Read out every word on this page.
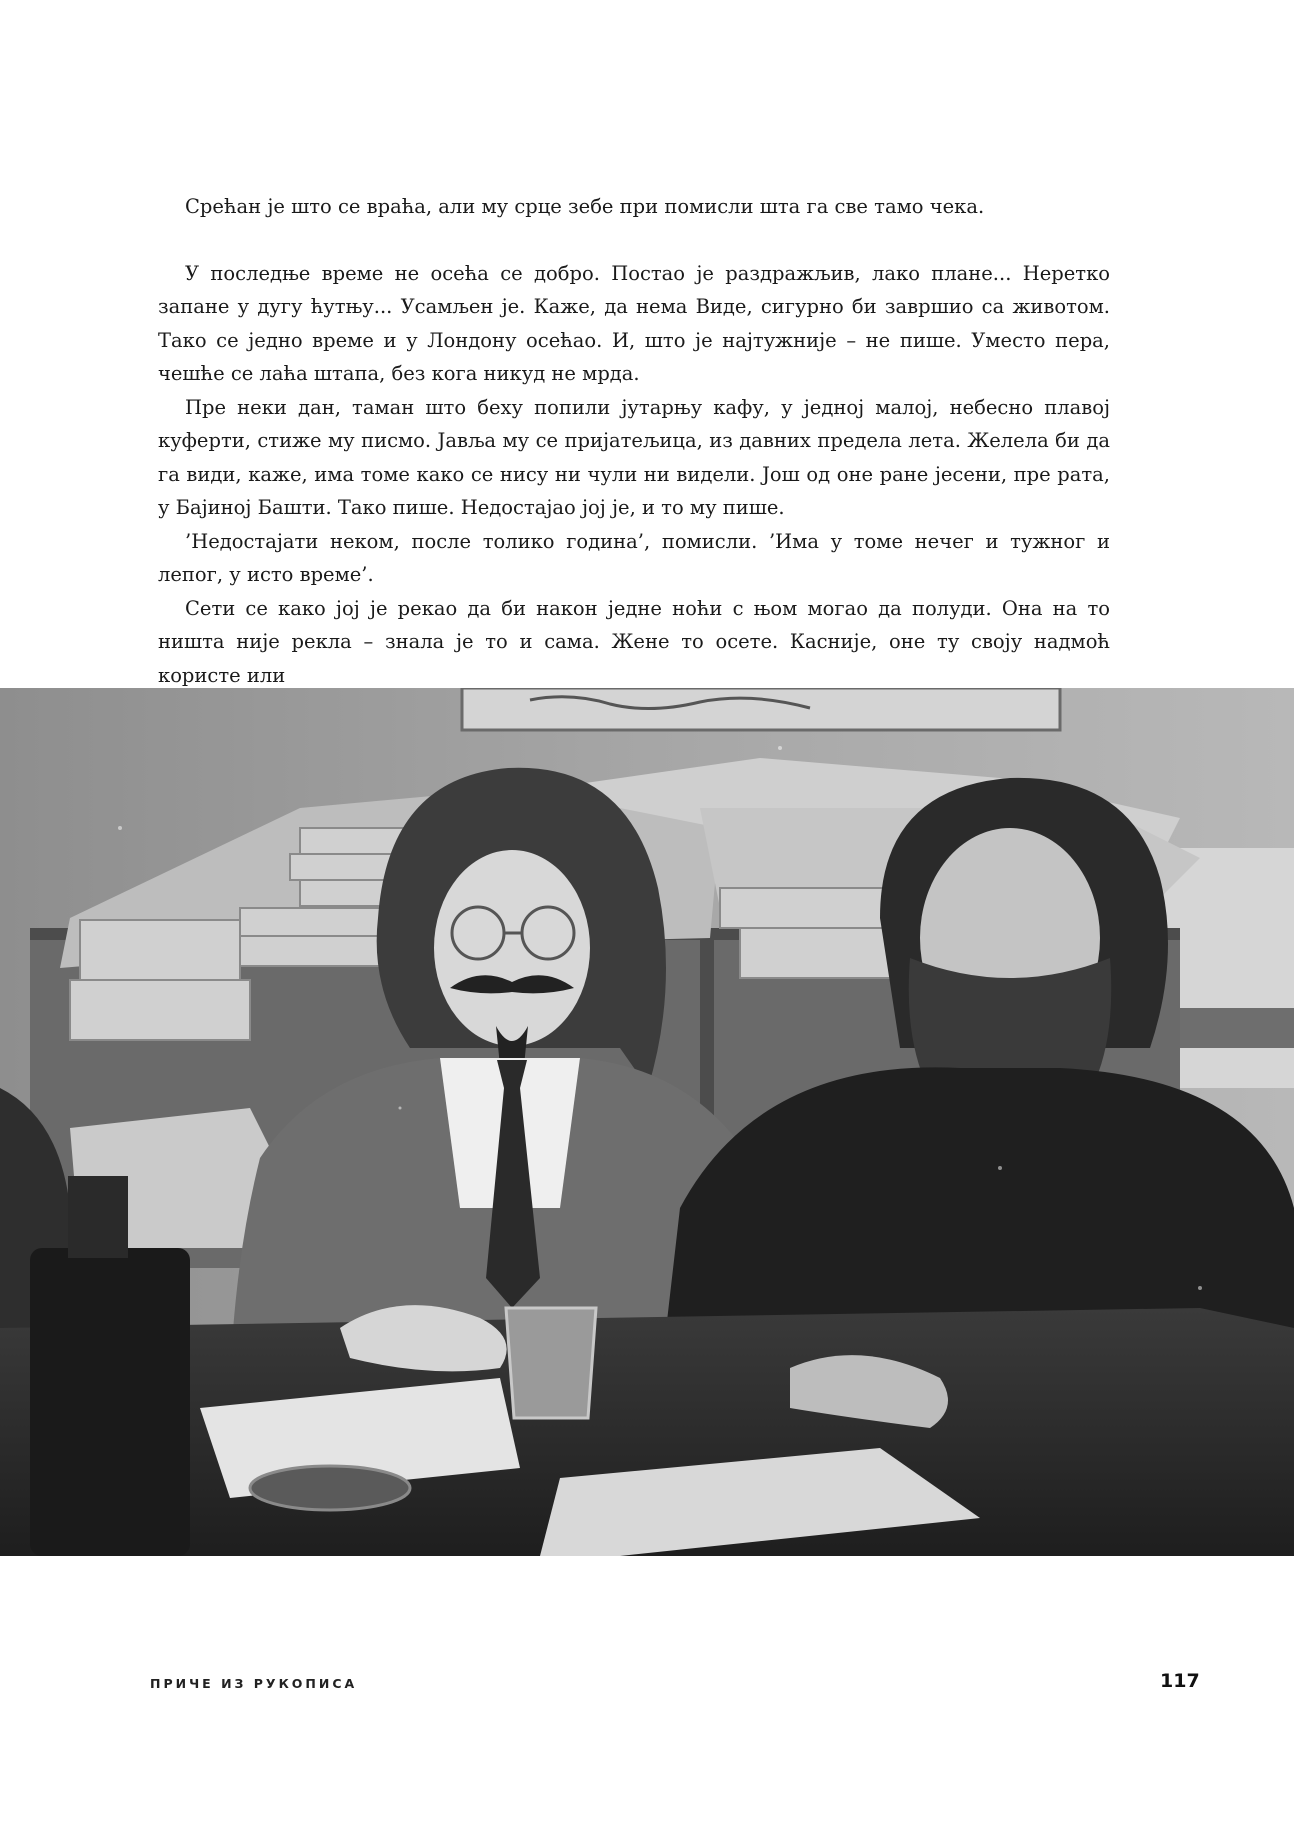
Срећан је што се враћа, али му срце зебе при помисли шта га све тамо чека.

У последње време не осећа се добро. Постао је раздражљив, лако плане... Неретко запане у дугу ћутњу... Усамљен је. Каже, да нема Виде, сигурно би завршио са животом. Тако се једно време и у Лондону осећао. И, што је најтужније – не пише. Уместо пера, чешће се лаћа штапа, без кога никуд не мрда.

Пре неки дан, таман што беху попили јутарњу кафу, у једној малој, небесно плавој куферти, стиже му писмо. Јавља му се пријатељица, из давних предела лета. Желела би да га види, каже, има томе како се нису ни чули ни видели. Још од оне ране јесени, пре рата, у Бајиној Башти. Тако пише. Недостајао јој је, и то му пише.

’Недостајати неком, после толико година’, помисли. ’Има у томе нечег и тужног и лепог, у исто време’.

Сети се како јој је рекао да би након једне ноћи с њом могао да полуди. Она на то ништа није рекла – знала је то и сама. Жене то осете. Касније, оне ту своју надмоћ користе или

ПРИЧЕ ИЗ РУКОПИСА	117
